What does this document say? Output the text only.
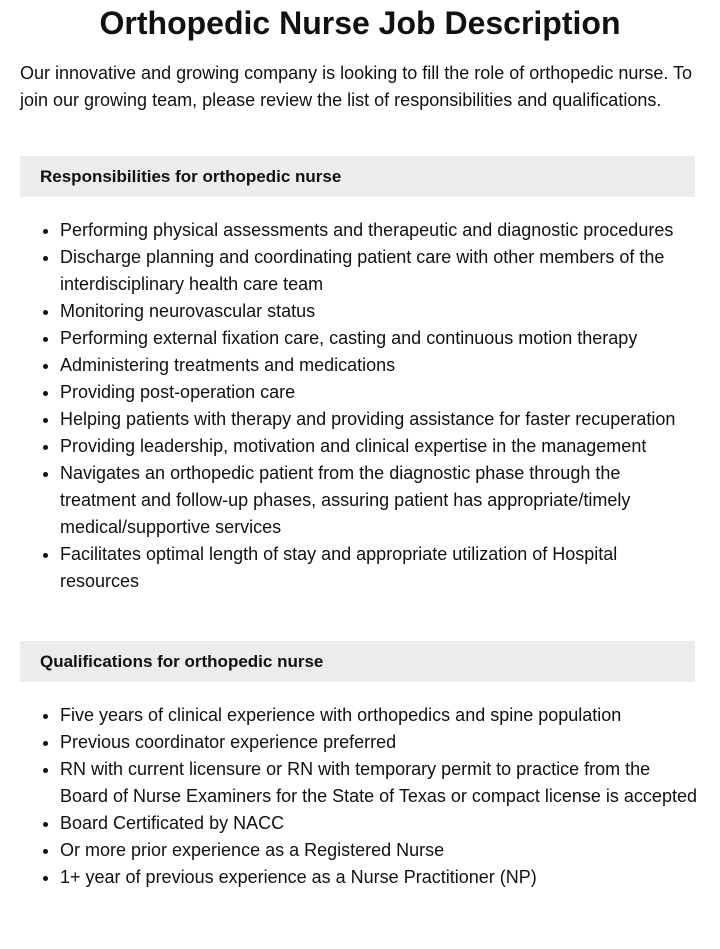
Orthopedic Nurse Job Description

Our innovative and growing company is looking to fill the role of orthopedic nurse. To join our growing team, please review the list of responsibilities and qualifications.

Responsibilities for orthopedic nurse
• Performing physical assessments and therapeutic and diagnostic procedures
• Discharge planning and coordinating patient care with other members of the interdisciplinary health care team
• Monitoring neurovascular status
• Performing external fixation care, casting and continuous motion therapy
• Administering treatments and medications
• Providing post-operation care
• Helping patients with therapy and providing assistance for faster recuperation
• Providing leadership, motivation and clinical expertise in the management
• Navigates an orthopedic patient from the diagnostic phase through the treatment and follow-up phases, assuring patient has appropriate/timely medical/supportive services
• Facilitates optimal length of stay and appropriate utilization of Hospital resources
Qualifications for orthopedic nurse
• Five years of clinical experience with orthopedics and spine population
• Previous coordinator experience preferred
• RN with current licensure or RN with temporary permit to practice from the Board of Nurse Examiners for the State of Texas or compact license is accepted
• Board Certificated by NACC
• Or more prior experience as a Registered Nurse
• 1+ year of previous experience as a Nurse Practitioner (NP)
